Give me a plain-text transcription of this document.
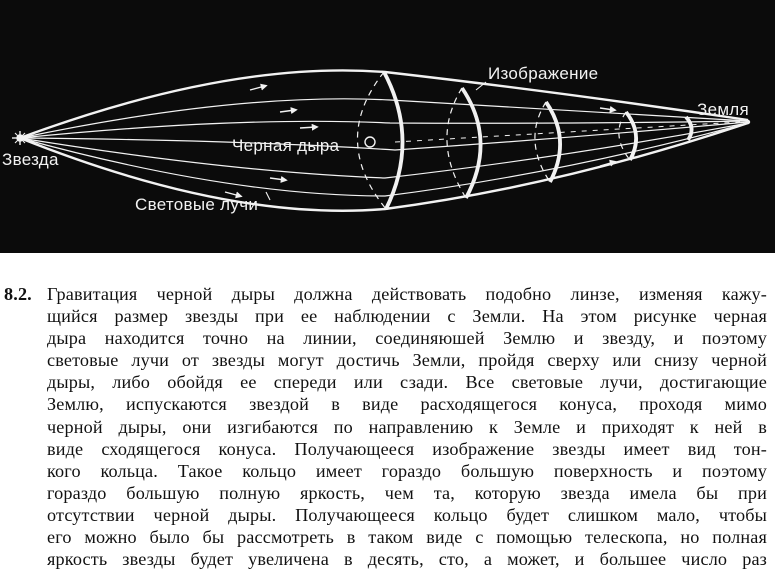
Звезда
Земля
Изображение
Черная дыра
Световые лучи
8.2. Гравитация черной дыры должна действовать подобно линзе, изменяя кажу-
щийся размер звезды при ее наблюдении с Земли. На этом рисунке черная
дыра находится точно на линии, соединяюшей Землю и звезду, и поэтому
световые лучи от звезды могут достичь Земли, пройдя сверху или снизу черной
дыры, либо обойдя ее спереди или сзади. Все световые лучи, достигающие
Землю, испускаются звездой в виде расходящегося конуса, проходя мимо
черной дыры, они изгибаются по направлению к Земле и приходят к ней в
виде сходящегося конуса. Получающееся изображение звезды имеет вид тон-
кого кольца. Такое кольцо имеет гораздо большую поверхность и поэтому
гораздо большую полную яркость, чем та, которую звезда имела бы при
отсутствии черной дыры. Получающееся кольцо будет слишком мало, чтобы
его можно было бы рассмотреть в таком виде с помощью телескопа, но полная
яркость звезды будет увеличена в десять, сто, а может, и большее число раз
